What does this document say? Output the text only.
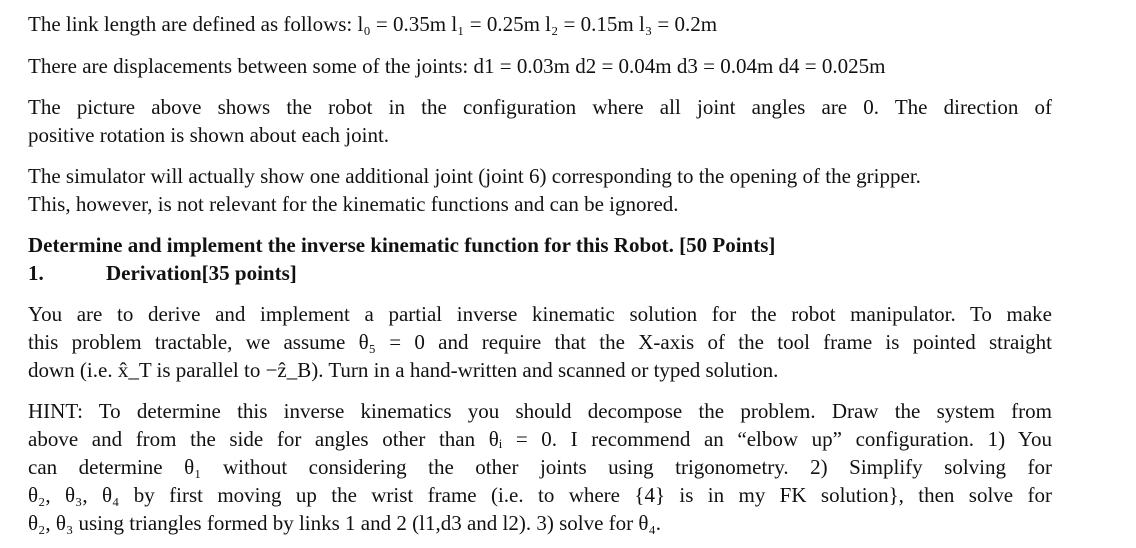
The link length are defined as follows: l₀ = 0.35m l₁ = 0.25m l₂ = 0.15m l₃ = 0.2m
There are displacements between some of the joints: d1 = 0.03m d2 = 0.04m d3 = 0.04m d4 = 0.025m
The picture above shows the robot in the configuration where all joint angles are 0. The direction of
positive rotation is shown about each joint.
The simulator will actually show one additional joint (joint 6) corresponding to the opening of the gripper.
This, however, is not relevant for the kinematic functions and can be ignored.
Determine and implement the inverse kinematic function for this Robot. [50 Points]
1.	Derivation[35 points]
You are to derive and implement a partial inverse kinematic solution for the robot manipulator. To make
this problem tractable, we assume θ₅ = 0 and require that the X-axis of the tool frame is pointed straight
down (i.e. x̂_T is parallel to −ẑ_B). Turn in a hand-written and scanned or typed solution.
HINT: To determine this inverse kinematics you should decompose the problem. Draw the system from
above and from the side for angles other than θᵢ = 0. I recommend an “elbow up” configuration. 1) You
can determine θ₁ without considering the other joints using trigonometry. 2) Simplify solving for
θ₂, θ₃, θ₄ by first moving up the wrist frame (i.e. to where {4} is in my FK solution}, then solve for
θ₂, θ₃ using triangles formed by links 1 and 2 (l1,d3 and l2). 3) solve for θ₄.
